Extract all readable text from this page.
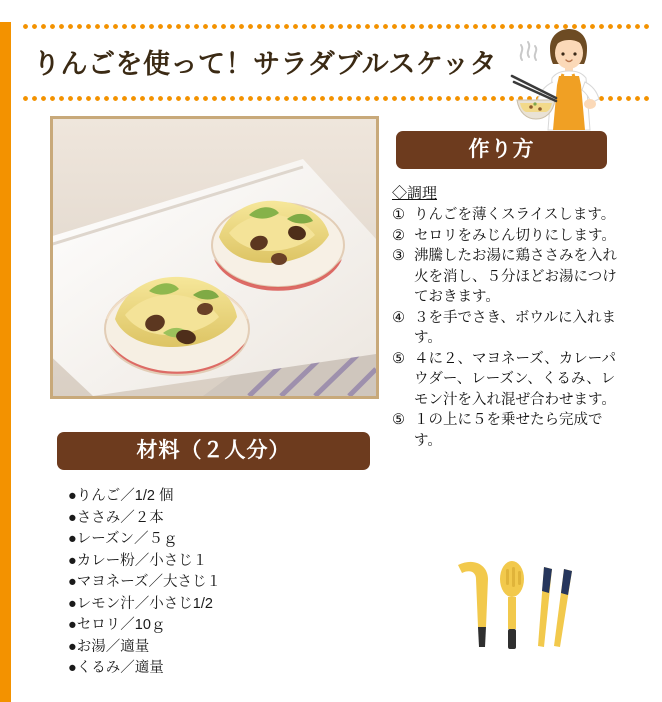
りんごを使って！サラダブルスケッタ
材料（２人分）
作り方
●りんご／1/2 個
●ささみ／２本
●レーズン／５ｇ
●カレー粉／小さじ１
●マヨネーズ／大さじ１
●レモン汁／小さじ1/2
●セロリ／10ｇ
●お湯／適量
●くるみ／適量
◇調理
① りんごを薄くスライスします。
② セロリをみじん切りにします。
③ 沸騰したお湯に鶏ささみを入れ火を消し、５分ほどお湯につけておきます。
④ ３を手でさき、ボウルに入れます。
⑤ ４に２、マヨネーズ、カレーパウダー、レーズン、くるみ、レモン汁を入れ混ぜ合わせます。
⑤ １の上に５を乗せたら完成です。
